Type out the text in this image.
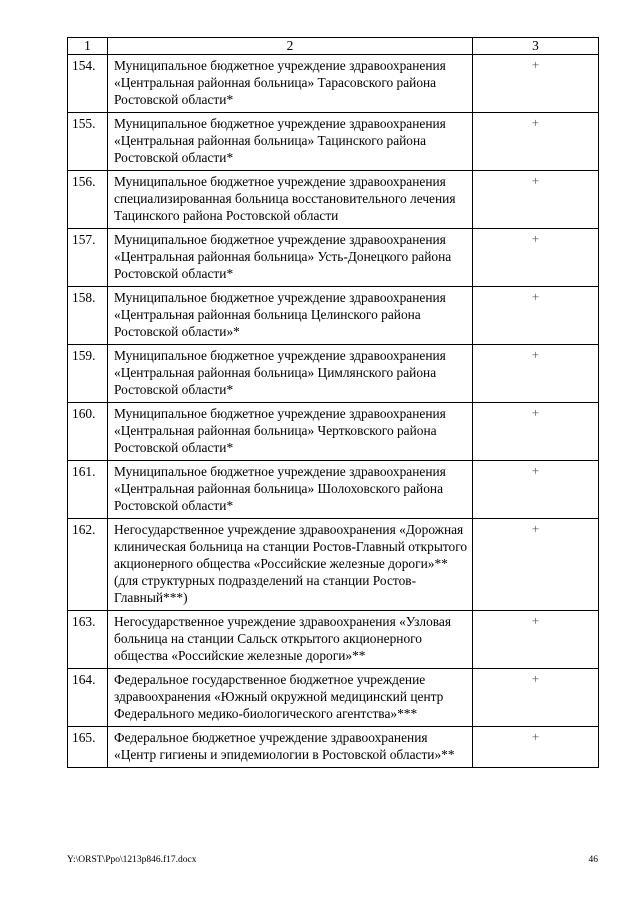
1	2	3
154.	Муниципальное бюджетное учреждение здравоохранения «Центральная районная больница» Тарасовского района Ростовской области*	+
155.	Муниципальное бюджетное учреждение здравоохранения «Центральная районная больница» Тацинского района Ростовской области*	+
156.	Муниципальное бюджетное учреждение здравоохранения специализированная больница восстановительного лечения Тацинского района Ростовской области	+
157.	Муниципальное бюджетное учреждение здравоохранения «Центральная районная больница» Усть-Донецкого района Ростовской области*	+
158.	Муниципальное бюджетное учреждение здравоохранения «Центральная районная больница Целинского района Ростовской области»*	+
159.	Муниципальное бюджетное учреждение здравоохранения «Центральная районная больница» Цимлянского района Ростовской области*	+
160.	Муниципальное бюджетное учреждение здравоохранения «Центральная районная больница» Чертковского района Ростовской области*	+
161.	Муниципальное бюджетное учреждение здравоохранения «Центральная районная больница» Шолоховского района Ростовской области*	+
162.	Негосударственное учреждение здравоохранения «Дорожная клиническая больница на станции Ростов-Главный открытого акционерного общества «Российские железные дороги»** (для структурных подразделений на станции Ростов-Главный***)	+
163.	Негосударственное учреждение здравоохранения «Узловая больница на станции Сальск открытого акционерного общества «Российские железные дороги»**	+
164.	Федеральное государственное бюджетное учреждение здравоохранения «Южный окружной медицинский центр Федерального медико-биологического агентства»***	+
165.	Федеральное бюджетное учреждение здравоохранения «Центр гигиены и эпидемиологии в Ростовской области»**	+
Y:\ORST\Ppo\1213p846.f17.docx	46
